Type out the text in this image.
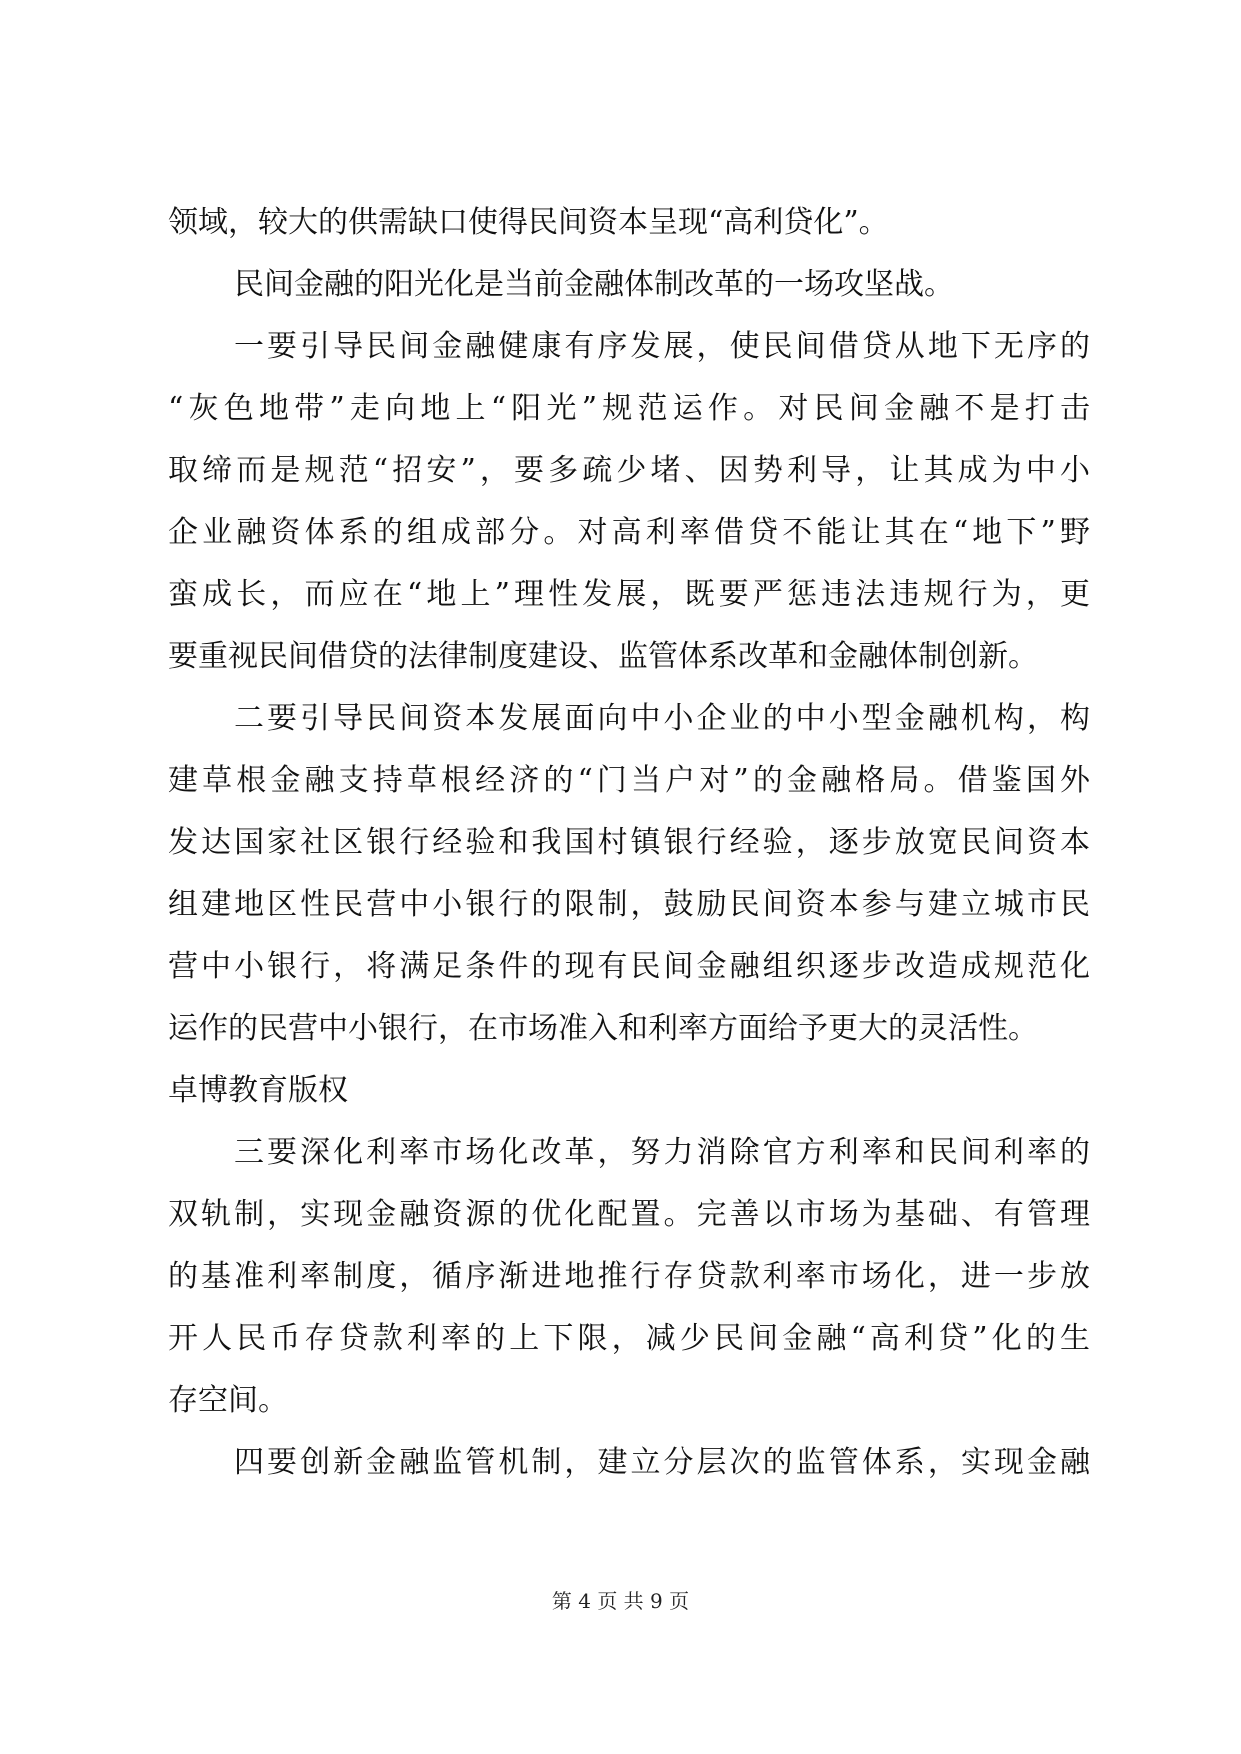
领域，较大的供需缺口使得民间资本呈现“高利贷化”。
民间金融的阳光化是当前金融体制改革的一场攻坚战。
一要引导民间金融健康有序发展，使民间借贷从地下无序的
“灰色地带”走向地上“阳光”规范运作。对民间金融不是打击
取缔而是规范“招安”，要多疏少堵、因势利导，让其成为中小
企业融资体系的组成部分。对高利率借贷不能让其在“地下”野
蛮成长，而应在“地上”理性发展，既要严惩违法违规行为，更
要重视民间借贷的法律制度建设、监管体系改革和金融体制创新。
二要引导民间资本发展面向中小企业的中小型金融机构，构
建草根金融支持草根经济的“门当户对”的金融格局。借鉴国外
发达国家社区银行经验和我国村镇银行经验，逐步放宽民间资本
组建地区性民营中小银行的限制，鼓励民间资本参与建立城市民
营中小银行，将满足条件的现有民间金融组织逐步改造成规范化
运作的民营中小银行，在市场准入和利率方面给予更大的灵活性。
卓博教育版权
三要深化利率市场化改革，努力消除官方利率和民间利率的
双轨制，实现金融资源的优化配置。完善以市场为基础、有管理
的基准利率制度，循序渐进地推行存贷款利率市场化，进一步放
开人民币存贷款利率的上下限，减少民间金融“高利贷”化的生
存空间。
四要创新金融监管机制，建立分层次的监管体系，实现金融
第 4 页 共 9 页
